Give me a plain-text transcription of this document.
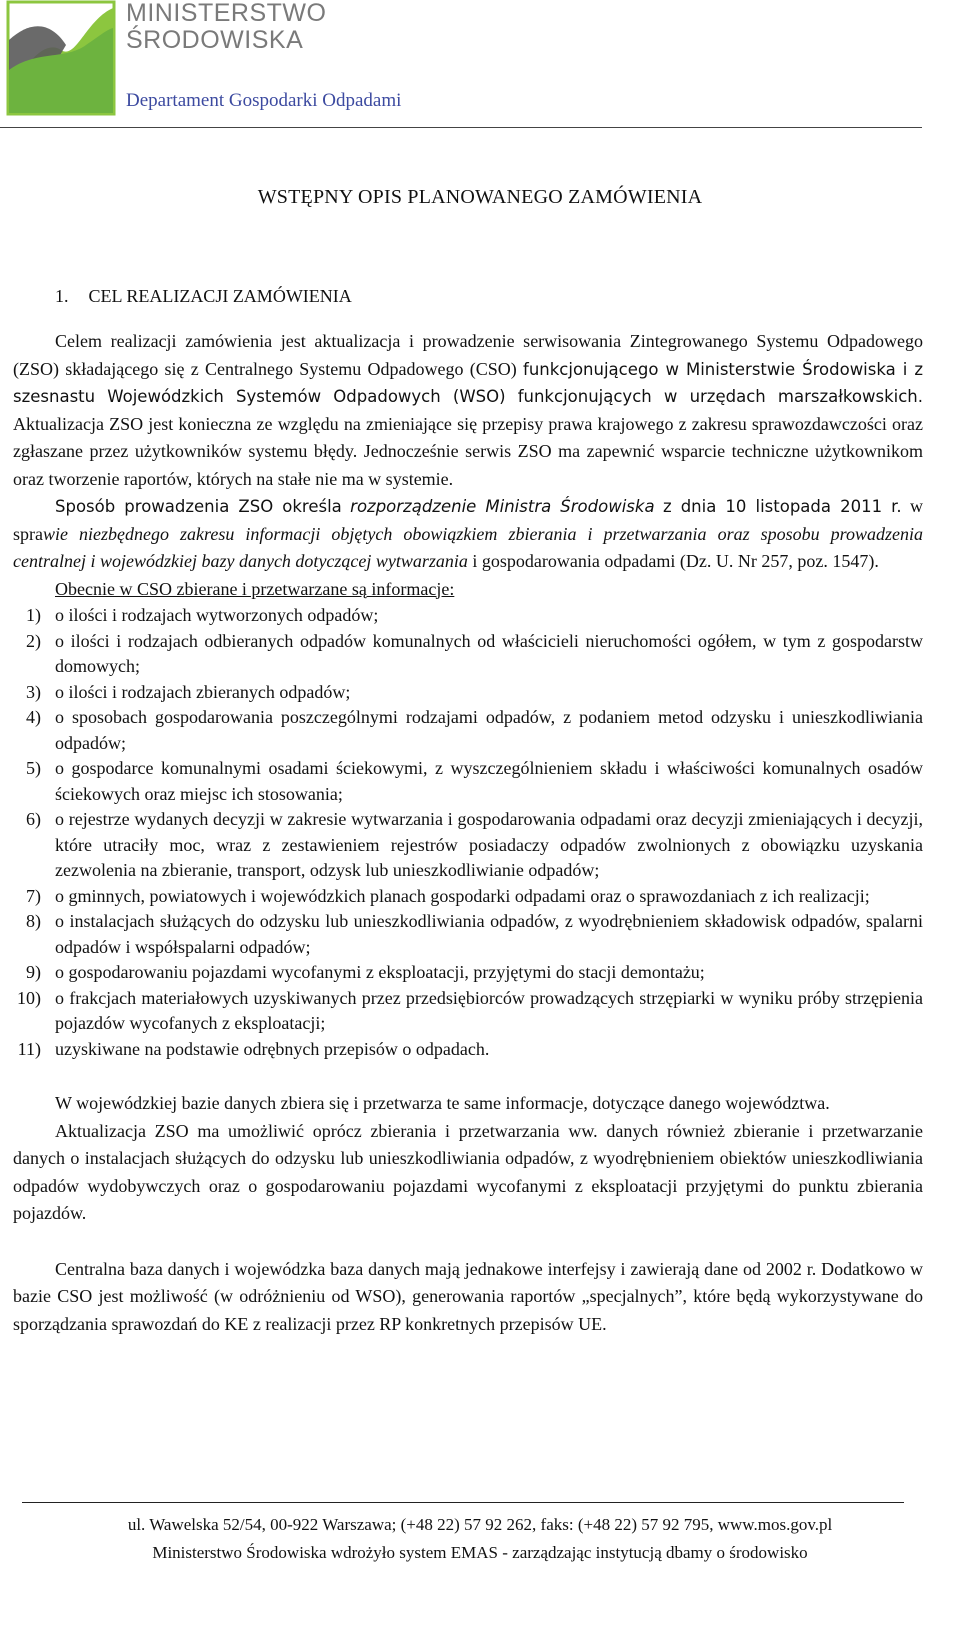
MINISTERSTWO
ŚRODOWISKA
Departament Gospodarki Odpadami
WSTĘPNY OPIS PLANOWANEGO ZAMÓWIENIA
1. CEL REALIZACJI ZAMÓWIENIA

Celem realizacji zamówienia jest aktualizacja i prowadzenie serwisowania Zintegrowanego Systemu Odpadowego (ZSO) składającego się z Centralnego Systemu Odpadowego (CSO) funkcjonującego w Ministerstwie Środowiska i z szesnastu Wojewódzkich Systemów Odpadowych (WSO) funkcjonujących w urzędach marszałkowskich. Aktualizacja ZSO jest konieczna ze względu na zmieniające się przepisy prawa krajowego z zakresu sprawozdawczości oraz zgłaszane przez użytkowników systemu błędy. Jednocześnie serwis ZSO ma zapewnić wsparcie techniczne użytkownikom oraz tworzenie raportów, których na stałe nie ma w systemie.

Sposób prowadzenia ZSO określa rozporządzenie Ministra Środowiska z dnia 10 listopada 2011 r. w sprawie niezbędnego zakresu informacji objętych obowiązkiem zbierania i przetwarzania oraz sposobu prowadzenia centralnej i wojewódzkiej bazy danych dotyczącej wytwarzania i gospodarowania odpadami (Dz. U. Nr 257, poz. 1547).

Obecnie w CSO zbierane i przetwarzane są informacje:
1) o ilości i rodzajach wytworzonych odpadów;
2) o ilości i rodzajach odbieranych odpadów komunalnych od właścicieli nieruchomości ogółem, w tym z gospodarstw domowych;
3) o ilości i rodzajach zbieranych odpadów;
4) o sposobach gospodarowania poszczególnymi rodzajami odpadów, z podaniem metod odzysku i unieszkodliwiania odpadów;
5) o gospodarce komunalnymi osadami ściekowymi, z wyszczególnieniem składu i właściwości komunalnych osadów ściekowych oraz miejsc ich stosowania;
6) o rejestrze wydanych decyzji w zakresie wytwarzania i gospodarowania odpadami oraz decyzji zmieniających i decyzji, które utraciły moc, wraz z zestawieniem rejestrów posiadaczy odpadów zwolnionych z obowiązku uzyskania zezwolenia na zbieranie, transport, odzysk lub unieszkodliwianie odpadów;
7) o gminnych, powiatowych i wojewódzkich planach gospodarki odpadami oraz o sprawozdaniach z ich realizacji;
8) o instalacjach służących do odzysku lub unieszkodliwiania odpadów, z wyodrębnieniem składowisk odpadów, spalarni odpadów i współspalarni odpadów;
9) o gospodarowaniu pojazdami wycofanymi z eksploatacji, przyjętymi do stacji demontażu;
10) o frakcjach materiałowych uzyskiwanych przez przedsiębiorców prowadzących strzępiarki w wyniku próby strzępienia pojazdów wycofanych z eksploatacji;
11) uzyskiwane na podstawie odrębnych przepisów o odpadach.

W wojewódzkiej bazie danych zbiera się i przetwarza te same informacje, dotyczące danego województwa.

Aktualizacja ZSO ma umożliwić oprócz zbierania i przetwarzania ww. danych również zbieranie i przetwarzanie danych o instalacjach służących do odzysku lub unieszkodliwiania odpadów, z wyodrębnieniem obiektów unieszkodliwiania odpadów wydobywczych oraz o gospodarowaniu pojazdami wycofanymi z eksploatacji przyjętymi do punktu zbierania pojazdów.

Centralna baza danych i wojewódzka baza danych mają jednakowe interfejsy i zawierają dane od 2002 r. Dodatkowo w bazie CSO jest możliwość (w odróżnieniu od WSO), generowania raportów „specjalnych”, które będą wykorzystywane do sporządzania sprawozdań do KE z realizacji przez RP konkretnych przepisów UE.

ul. Wawelska 52/54, 00-922 Warszawa; (+48 22) 57 92 262, faks: (+48 22) 57 92 795, www.mos.gov.pl
Ministerstwo Środowiska wdrożyło system EMAS - zarządzając instytucją dbamy o środowisko
